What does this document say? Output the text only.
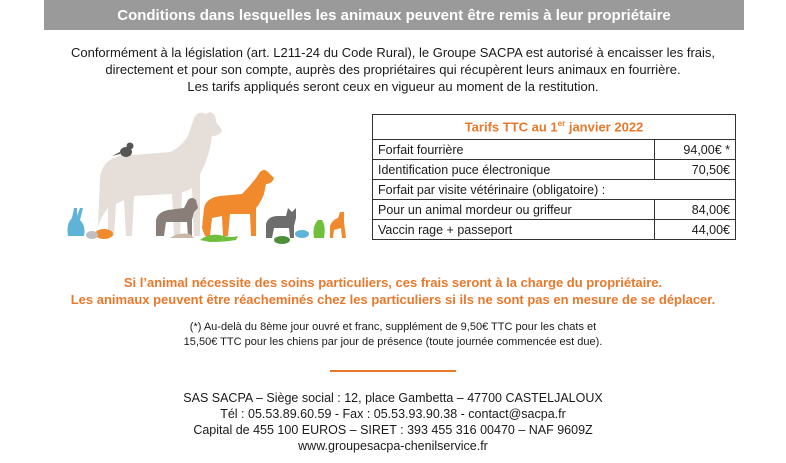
Conditions dans lesquelles les animaux peuvent être remis à leur propriétaire
Conformément à la législation (art. L211-24 du Code Rural), le Groupe SACPA est autorisé à encaisser les frais,
directement et pour son compte, auprès des propriétaires qui récupèrent leurs animaux en fourrière.
Les tarifs appliqués seront ceux en vigueur au moment de la restitution.
Tarifs TTC au 1er janvier 2022	
Forfait fourrière	94,00€ *
Identification puce électronique	70,50€
Forfait par visite vétérinaire (obligatoire) :	
Pour un animal mordeur ou griffeur	84,00€
Vaccin rage + passeport	44,00€
Si l’animal nécessite des soins particuliers, ces frais seront à la charge du propriétaire.
Les animaux peuvent être réacheminés chez les particuliers si ils ne sont pas en mesure de se déplacer.
(*) Au-delà du 8ème jour ouvré et franc, supplément de 9,50€ TTC pour les chats et
15,50€ TTC pour les chiens par jour de présence (toute journée commencée est due).
SAS SACPA – Siège social : 12, place Gambetta – 47700 CASTELJALOUX
Tél : 05.53.89.60.59 - Fax : 05.53.93.90.38 - contact@sacpa.fr
Capital de 455 100 EUROS – SIRET : 393 455 316 00470 – NAF 9609Z
www.groupesacpa-chenilservice.fr
